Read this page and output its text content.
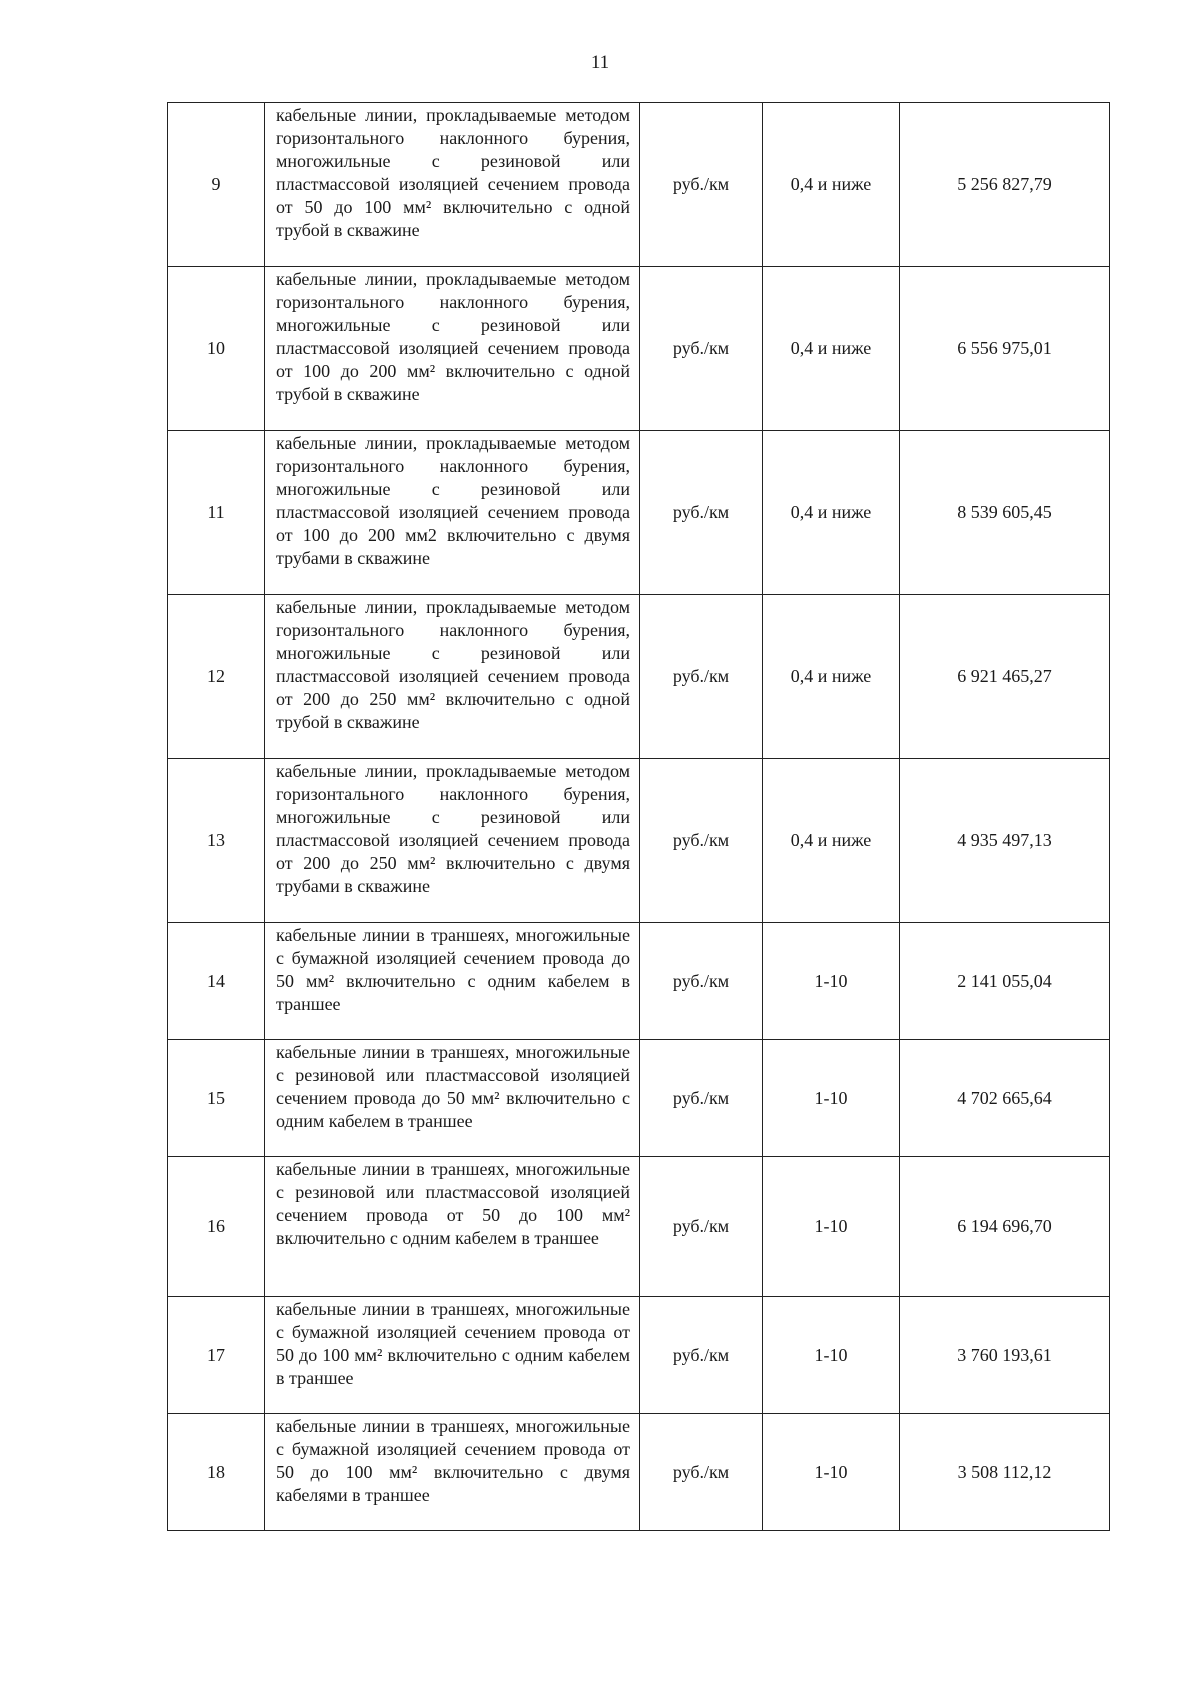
11
9	кабельные линии, прокладываемые методом горизонтального наклонного бурения, многожильные с резиновой или пластмассовой изоляцией сечением провода от 50 до 100 мм² включительно с одной трубой в скважине	руб./км	0,4 и ниже	5 256 827,79
10	кабельные линии, прокладываемые методом горизонтального наклонного бурения, многожильные с резиновой или пластмассовой изоляцией сечением провода от 100 до 200 мм² включительно с одной трубой в скважине	руб./км	0,4 и ниже	6 556 975,01
11	кабельные линии, прокладываемые методом горизонтального наклонного бурения, многожильные с резиновой или пластмассовой изоляцией сечением провода от 100 до 200 мм2 включительно с двумя трубами в скважине	руб./км	0,4 и ниже	8 539 605,45
12	кабельные линии, прокладываемые методом горизонтального наклонного бурения, многожильные с резиновой или пластмассовой изоляцией сечением провода от 200 до 250 мм² включительно с одной трубой в скважине	руб./км	0,4 и ниже	6 921 465,27
13	кабельные линии, прокладываемые методом горизонтального наклонного бурения, многожильные с резиновой или пластмассовой изоляцией сечением провода от 200 до 250 мм² включительно с двумя трубами в скважине	руб./км	0,4 и ниже	4 935 497,13
14	кабельные линии в траншеях, многожильные с бумажной изоляцией сечением провода до 50 мм² включительно с одним кабелем в траншее	руб./км	1-10	2 141 055,04
15	кабельные линии в траншеях, многожильные с резиновой или пластмассовой изоляцией сечением провода до 50 мм² включительно с одним кабелем в траншее	руб./км	1-10	4 702 665,64
16	кабельные линии в траншеях, многожильные с резиновой или пластмассовой изоляцией сечением провода от 50 до 100 мм² включительно с одним кабелем в траншее	руб./км	1-10	6 194 696,70
17	кабельные линии в траншеях, многожильные с бумажной изоляцией сечением провода от 50 до 100 мм² включительно с одним кабелем в траншее	руб./км	1-10	3 760 193,61
18	кабельные линии в траншеях, многожильные с бумажной изоляцией сечением провода от 50 до 100 мм² включительно с двумя кабелями в траншее	руб./км	1-10	3 508 112,12
